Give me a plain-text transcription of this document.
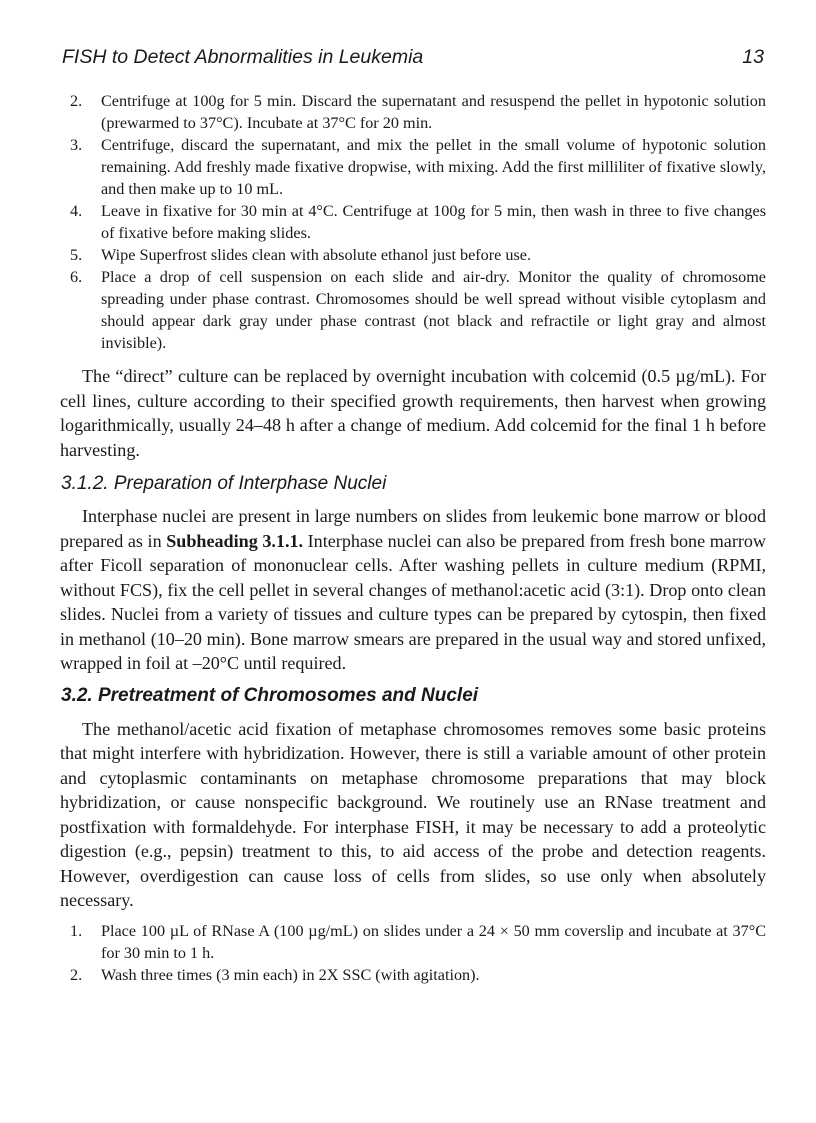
FISH to Detect Abnormalities in Leukemia	13
2. Centrifuge at 100g for 5 min. Discard the supernatant and resuspend the pellet in hypotonic solution (prewarmed to 37°C). Incubate at 37°C for 20 min.
3. Centrifuge, discard the supernatant, and mix the pellet in the small volume of hypotonic solution remaining. Add freshly made fixative dropwise, with mixing. Add the first milliliter of fixative slowly, and then make up to 10 mL.
4. Leave in fixative for 30 min at 4°C. Centrifuge at 100g for 5 min, then wash in three to five changes of fixative before making slides.
5. Wipe Superfrost slides clean with absolute ethanol just before use.
6. Place a drop of cell suspension on each slide and air-dry. Monitor the quality of chromosome spreading under phase contrast. Chromosomes should be well spread without visible cytoplasm and should appear dark gray under phase contrast (not black and refractile or light gray and almost invisible).

The “direct” culture can be replaced by overnight incubation with colcemid (0.5 µg/mL). For cell lines, culture according to their specified growth requirements, then harvest when growing logarithmically, usually 24–48 h after a change of medium. Add colcemid for the final 1 h before harvesting.

3.1.2. Preparation of Interphase Nuclei

Interphase nuclei are present in large numbers on slides from leukemic bone marrow or blood prepared as in Subheading 3.1.1. Interphase nuclei can also be prepared from fresh bone marrow after Ficoll separation of mononuclear cells. After washing pellets in culture medium (RPMI, without FCS), fix the cell pellet in several changes of methanol:acetic acid (3:1). Drop onto clean slides. Nuclei from a variety of tissues and culture types can be prepared by cytospin, then fixed in methanol (10–20 min). Bone marrow smears are prepared in the usual way and stored unfixed, wrapped in foil at –20°C until required.

3.2. Pretreatment of Chromosomes and Nuclei

The methanol/acetic acid fixation of metaphase chromosomes removes some basic proteins that might interfere with hybridization. However, there is still a variable amount of other protein and cytoplasmic contaminants on metaphase chromosome preparations that may block hybridization, or cause nonspecific background. We routinely use an RNase treatment and postfixation with formaldehyde. For interphase FISH, it may be necessary to add a proteolytic digestion (e.g., pepsin) treatment to this, to aid access of the probe and detection reagents. However, overdigestion can cause loss of cells from slides, so use only when absolutely necessary.

1. Place 100 µL of RNase A (100 µg/mL) on slides under a 24 × 50 mm coverslip and incubate at 37°C for 30 min to 1 h.
2. Wash three times (3 min each) in 2X SSC (with agitation).
